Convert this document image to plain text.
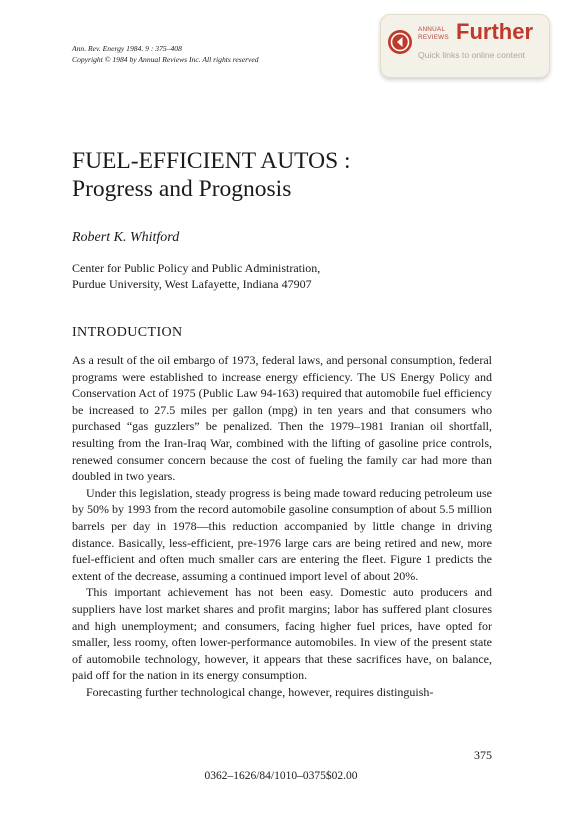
Ann. Rev. Energy 1984. 9 : 375–408
Copyright © 1984 by Annual Reviews Inc. All rights reserved
ANNUAL
REVIEWS Further
Quick links to online content
FUEL-EFFICIENT AUTOS :
Progress and Prognosis
Robert K. Whitford
Center for Public Policy and Public Administration,
Purdue University, West Lafayette, Indiana 47907
INTRODUCTION

As a result of the oil embargo of 1973, federal laws, and personal consumption, federal programs were established to increase energy efficiency. The US Energy Policy and Conservation Act of 1975 (Public Law 94-163) required that automobile fuel efficiency be increased to 27.5 miles per gallon (mpg) in ten years and that consumers who purchased “gas guzzlers” be penalized. Then the 1979–1981 Iranian oil shortfall, resulting from the Iran-Iraq War, combined with the lifting of gasoline price controls, renewed consumer concern because the cost of fueling the family car had more than doubled in two years.

Under this legislation, steady progress is being made toward reducing petroleum use by 50% by 1993 from the record automobile gasoline consumption of about 5.5 million barrels per day in 1978—this reduction accompanied by little change in driving distance. Basically, less-efficient, pre-1976 large cars are being retired and new, more fuel-efficient and often much smaller cars are entering the fleet. Figure 1 predicts the extent of the decrease, assuming a continued import level of about 20%.

This important achievement has not been easy. Domestic auto producers and suppliers have lost market shares and profit margins; labor has suffered plant closures and high unemployment; and consumers, facing higher fuel prices, have opted for smaller, less roomy, often lower-performance automobiles. In view of the present state of automobile technology, however, it appears that these sacrifices have, on balance, paid off for the nation in its energy consumption.

Forecasting further technological change, however, requires distinguish-

375
0362–1626/84/1010–0375$02.00
